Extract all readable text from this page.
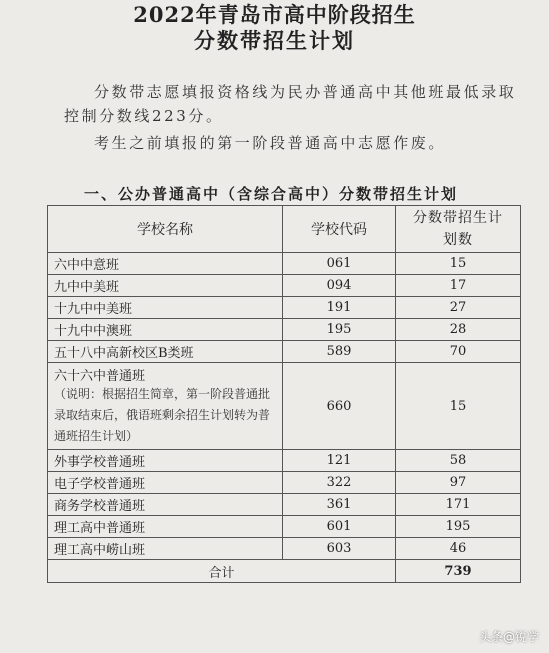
2022年青岛市高中阶段招生
分数带招生计划
分数带志愿填报资格线为民办普通高中其他班最低录取控制分数线223分。
考生之前填报的第一阶段普通高中志愿作废。
一、公办普通高中（含综合高中）分数带招生计划
学校名称	学校代码	分数带招生计划数
六中中意班	061	15
九中中美班	094	17
十九中中美班	191	27
十九中中澳班	195	28
五十八中高新校区B类班	589	70

六十六中普通班
（说明：根据招生简章，第一阶段普通批录取结束后，俄语班剩余招生计划转为普通班招生计划）	660	15
外事学校普通班	121	58
电子学校普通班	322	97
商务学校普通班	361	171
理工高中普通班	601	195
理工高中崂山班	603	46
合计		739
头条@锐学
